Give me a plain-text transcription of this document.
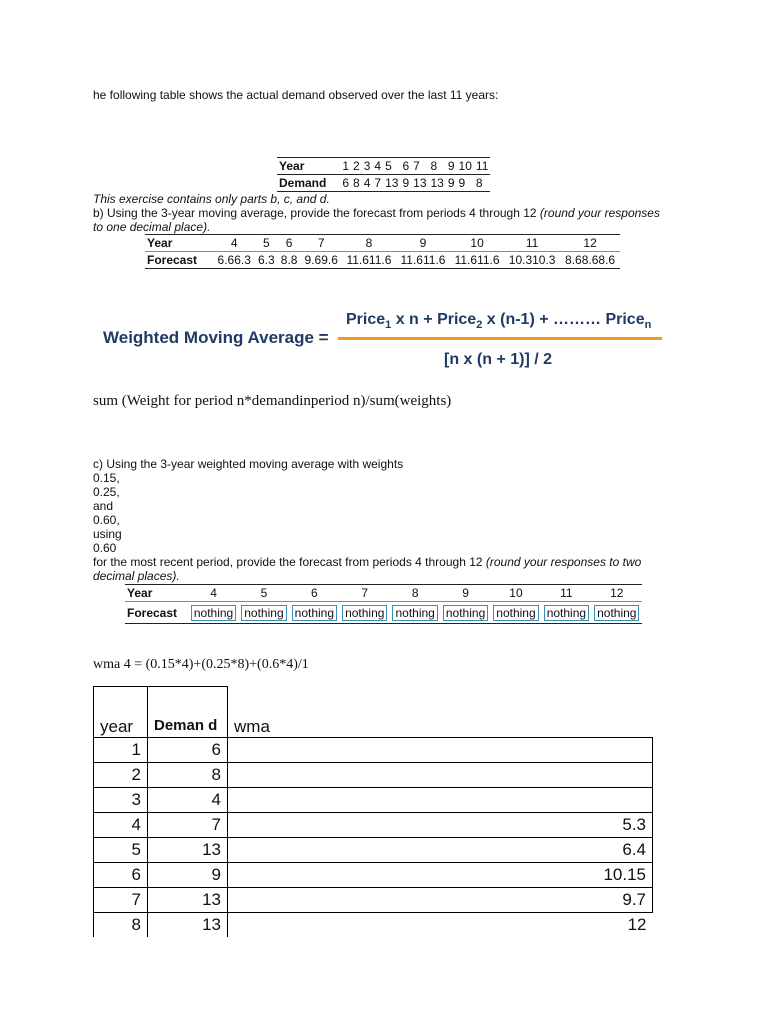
he following table shows the actual demand observed over the last 11 years:
Year	1	2	3	4	5	6	7	8	9	10	11
Demand	6	8	4	7	13	9	13	13	9	9	8
This exercise contains only parts b, c, and d.
b) Using the 3-year moving average, provide the forecast from periods 4 through 12 (round your responses to one decimal place).
Year	4	5	6	7	8	9	10	11	12
Forecast	6.66.3	6.3	8.8	9.69.6	11.611.6	11.611.6	11.611.6	10.310.3	8.68.68.6
Weighted Moving Average =
Price$_1$ x n + Price$_2$ x (n-1) + ……… Price$_n$
[n x (n + 1)] / 2
sum (Weight for period n*demandinperiod n)/sum(weights)
c) Using the 3-year weighted moving average with weights
0.15,
0.25,
and
0.60,
using
0.60
for the most recent period, provide the forecast from periods 4 through 12 (round your responses to two decimal places).
Year	4	5	6	7	8	9	10	11	12
Forecast	nothing	nothing	nothing	nothing	nothing	nothing	nothing	nothing	nothing
wma 4 = (0.15*4)+(0.25*8)+(0.6*4)/1
year	Deman d	wma
1	6	
2	8	
3	4	
4	7	5.3
5	13	6.4
6	9	10.15
7	13	9.7
8	13	12
